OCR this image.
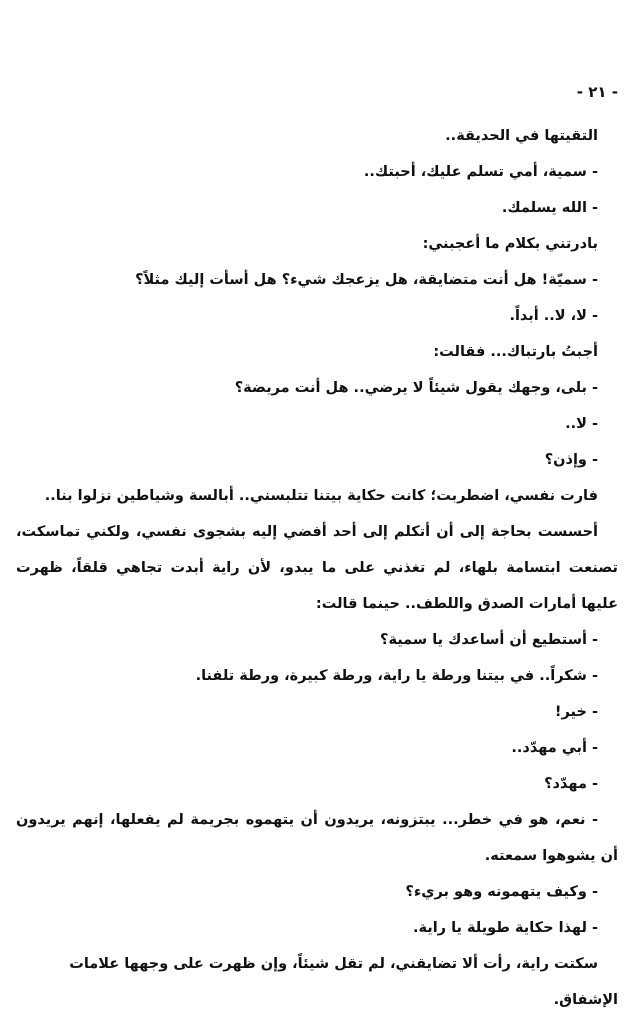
- ٢١ -

التقيتها في الحديقة..

- سمية، أمي تسلم عليك، أحبتك..

- الله يسلمك.

بادرتني بكلام ما أعجبني:

- سميّة! هل أنت متضايقة، هل يزعجك شيء؟ هل أسأت إليك مثلاً؟

- لا، لا.. أبداً.

أجبتُ بارتباك... فقالت:

- بلى، وجهك يقول شيئاً لا يرضي.. هل أنت مريضة؟

- لا..

- وإذن؟

فارت نفسي، اضطربت؛ كانت حكاية بيتنا تتلبسني.. أبالسة وشياطين نزلوا بنا..

أحسست بحاجة إلى أن أتكلم إلى أحد أفضي إليه بشجوى نفسي، ولكني تماسكت، تصنعت ابتسامة بلهاء، لم تغذني على ما يبدو، لأن راية أبدت تجاهي قلقاً، ظهرت عليها أمارات الصدق واللطف.. حينما قالت:

- أستطيع أن أساعدك يا سمية؟

- شكراً.. في بيتنا ورطة يا راية، ورطة كبيرة، ورطة تلفنا.

- خير!

- أبي مهدّد..

- مهدّد؟

- نعم، هو في خطر... يبتزونه، يريدون أن يتهموه بجريمة لم يفعلها، إنهم يريدون أن يشوهوا سمعته.

- وكيف يتهمونه وهو بريء؟

- لهذا حكاية طويلة يا راية.

سكتت راية، رأت ألا تضايقني، لم تقل شيئاً، وإن ظهرت على وجهها علامات الإشفاق.
